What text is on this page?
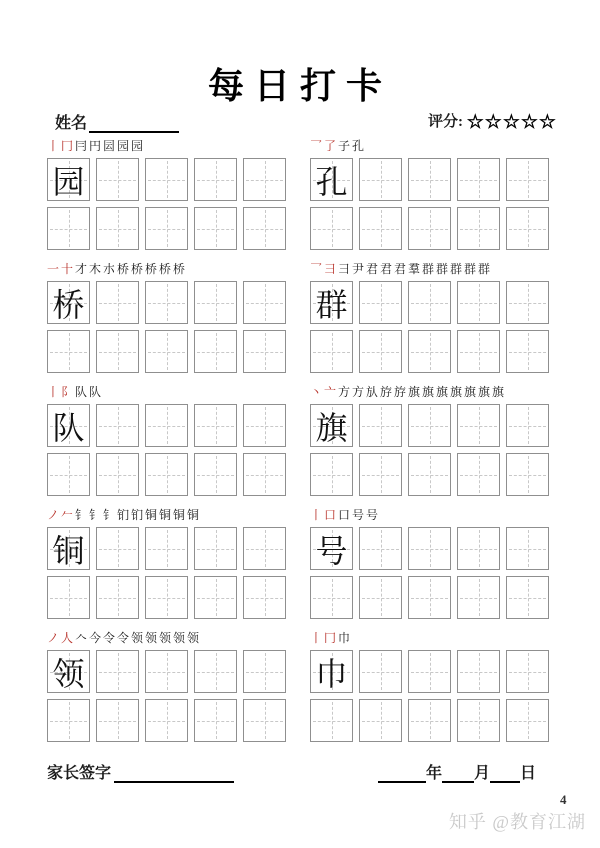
每日打卡
姓名	评分: ☆☆☆☆☆
丨冂冃円囩园园
园
乛了子孔
孔
一十才木朩桥桥桥桥桥
桥
乛彐彐尹君君君羣群群群群群
群
丨阝队队
队
丶亠方方㫃斿斿旗旗旗旗旗旗旗
旗
ノ𠂉钅钅钅钔钔铜铜铜铜
铜
丨口口号号
号
ノ人𠆢今令令领领领领领
领
丨冂巾
巾
家长签字	年 月 日
4
知乎 @教育江湖
